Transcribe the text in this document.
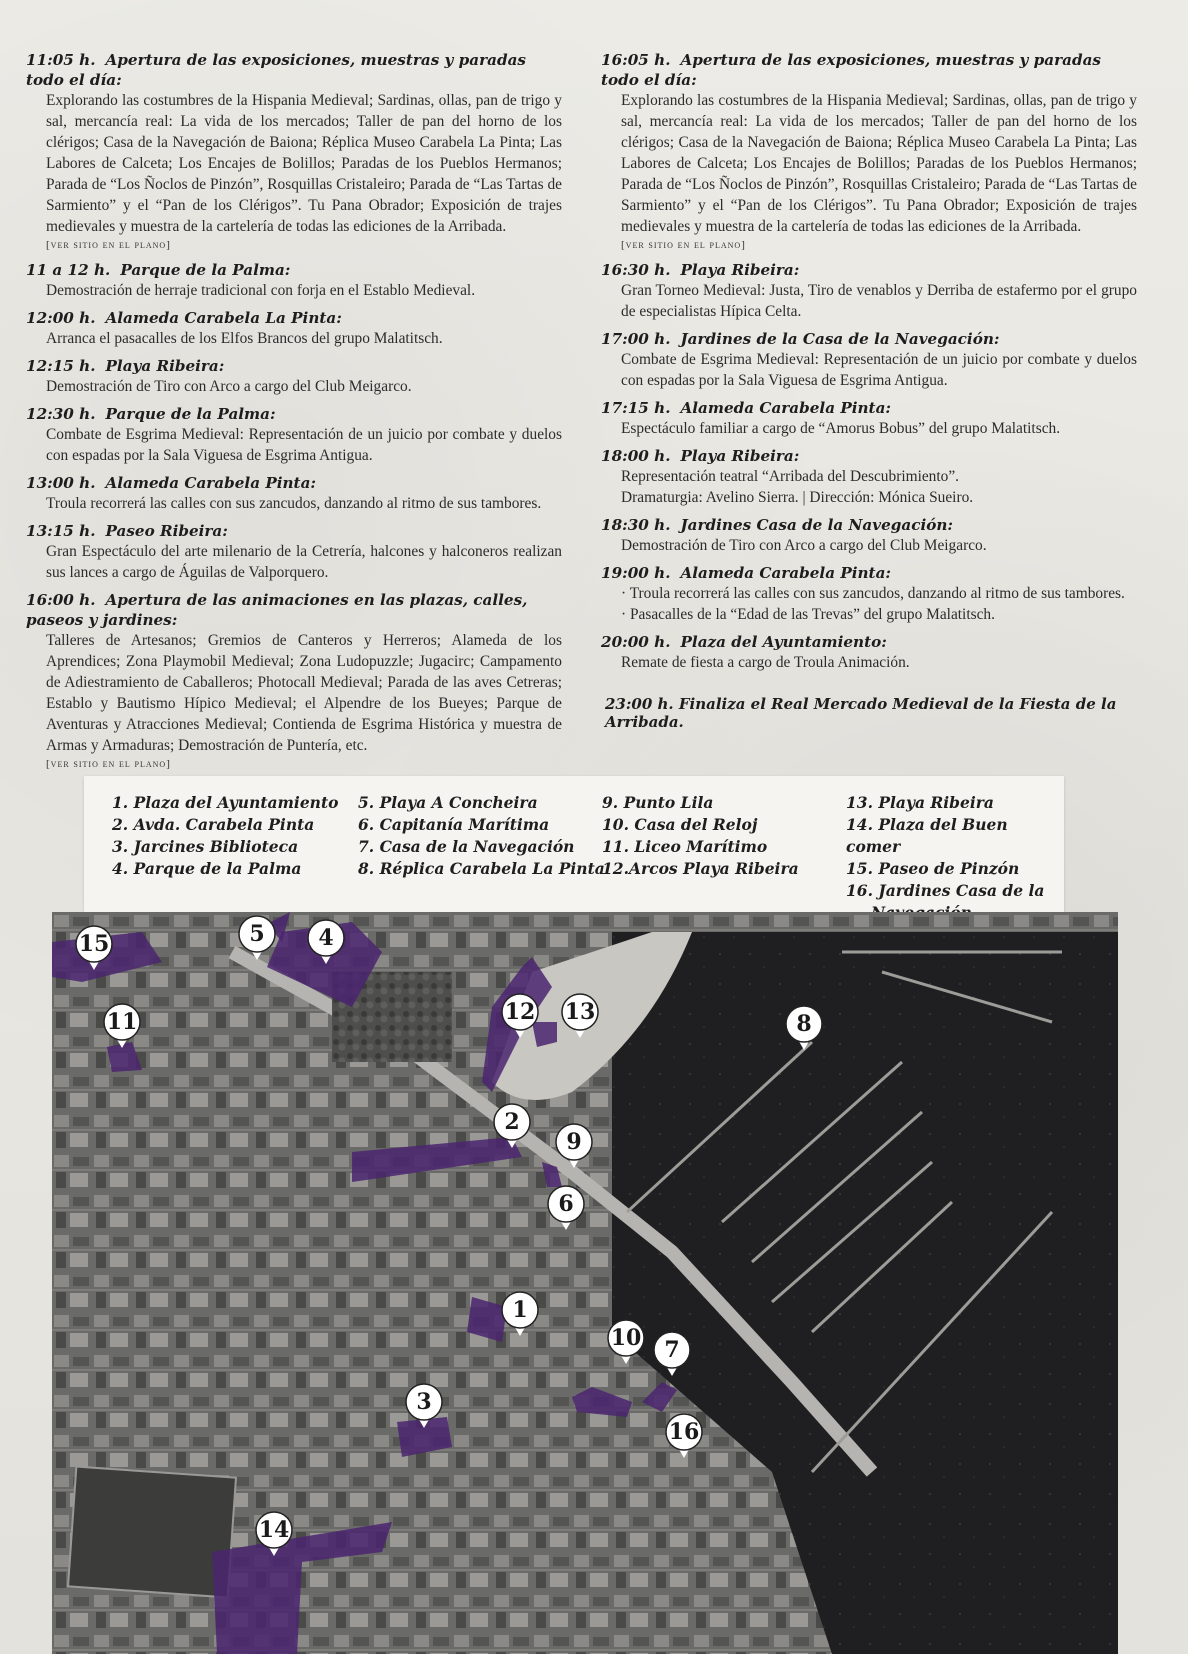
11:05 h. Apertura de las exposiciones, muestras y paradas todo el día:

Explorando las costumbres de la Hispania Medieval; Sardinas, ollas, pan de trigo y sal, mercancía real: La vida de los mercados; Taller de pan del horno de los clérigos; Casa de la Navegación de Baiona; Réplica Museo Carabela La Pinta; Las Labores de Calceta; Los Encajes de Bolillos; Paradas de los Pueblos Hermanos; Parada de “Los Ñoclos de Pinzón”, Rosquillas Cristaleiro; Parada de “Las Tartas de Sarmiento” y el “Pan de los Clérigos”. Tu Pana Obrador; Exposición de trajes medievales y muestra de la cartelería de todas las ediciones de la Arribada.

[ver sitio en el plano]
11 a 12 h. Parque de la Palma:

Demostración de herraje tradicional con forja en el Establo Medieval.

12:00 h. Alameda Carabela La Pinta:

Arranca el pasacalles de los Elfos Brancos del grupo Malatitsch.

12:15 h. Playa Ribeira:

Demostración de Tiro con Arco a cargo del Club Meigarco.

12:30 h. Parque de la Palma:

Combate de Esgrima Medieval: Representación de un juicio por combate y duelos con espadas por la Sala Viguesa de Esgrima Antigua.

13:00 h. Alameda Carabela Pinta:

Troula recorrerá las calles con sus zancudos, danzando al ritmo de sus tambores.

13:15 h. Paseo Ribeira:

Gran Espectáculo del arte milenario de la Cetrería, halcones y halconeros realizan sus lances a cargo de Águilas de Valporquero.

16:00 h. Apertura de las animaciones en las plazas, calles, paseos y jardines:

Talleres de Artesanos; Gremios de Canteros y Herreros; Alameda de los Aprendices; Zona Playmobil Medieval; Zona Ludopuzzle; Jugacirc; Campamento de Adiestramiento de Caballeros; Photocall Medieval; Parada de las aves Cetreras; Establo y Bautismo Hípico Medieval; el Alpendre de los Bueyes; Parque de Aventuras y Atracciones Medieval; Contienda de Esgrima Histórica y muestra de Armas y Armaduras; Demostración de Puntería, etc.

[ver sitio en el plano]
16:05 h. Apertura de las exposiciones, muestras y paradas todo el día:

Explorando las costumbres de la Hispania Medieval; Sardinas, ollas, pan de trigo y sal, mercancía real: La vida de los mercados; Taller de pan del horno de los clérigos; Casa de la Navegación de Baiona; Réplica Museo Carabela La Pinta; Las Labores de Calceta; Los Encajes de Bolillos; Paradas de los Pueblos Hermanos; Parada de “Los Ñoclos de Pinzón”, Rosquillas Cristaleiro; Parada de “Las Tartas de Sarmiento” y el “Pan de los Clérigos”. Tu Pana Obrador; Exposición de trajes medievales y muestra de la cartelería de todas las ediciones de la Arribada.

[ver sitio en el plano]
16:30 h. Playa Ribeira:

Gran Torneo Medieval: Justa, Tiro de venablos y Derriba de estafermo por el grupo de especialistas Hípica Celta.

17:00 h. Jardines de la Casa de la Navegación:

Combate de Esgrima Medieval: Representación de un juicio por combate y duelos con espadas por la Sala Viguesa de Esgrima Antigua.

17:15 h. Alameda Carabela Pinta:

Espectáculo familiar a cargo de “Amorus Bobus” del grupo Malatitsch.

18:00 h. Playa Ribeira:

Representación teatral “Arribada del Descubrimiento”.

Dramaturgia: Avelino Sierra. | Dirección: Mónica Sueiro.

18:30 h. Jardines Casa de la Navegación:

Demostración de Tiro con Arco a cargo del Club Meigarco.

19:00 h. Alameda Carabela Pinta:

· Troula recorrerá las calles con sus zancudos, danzando al ritmo de sus tambores.

· Pasacalles de la “Edad de las Trevas” del grupo Malatitsch.

20:00 h. Plaza del Ayuntamiento:

Remate de fiesta a cargo de Troula Animación.

23:00 h. Finaliza el Real Mercado Medieval de la Fiesta de la Arribada.
1. Plaza del Ayuntamiento
2. Avda. Carabela Pinta
3. Jarcines Biblioteca
4. Parque de la Palma
5. Playa A Concheira
6. Capitanía Marítima
7. Casa de la Navegación
8. Réplica Carabela La Pinta
9. Punto Lila
10. Casa del Reloj
11. Liceo Marítimo
12.Arcos Playa Ribeira
13. Playa Ribeira
14. Plaza del Buen comer
15. Paseo de Pinzón
16. Jardines Casa de la
1
2
3
4
5
6
7
8
9
10
11	12 13
14
15
16
